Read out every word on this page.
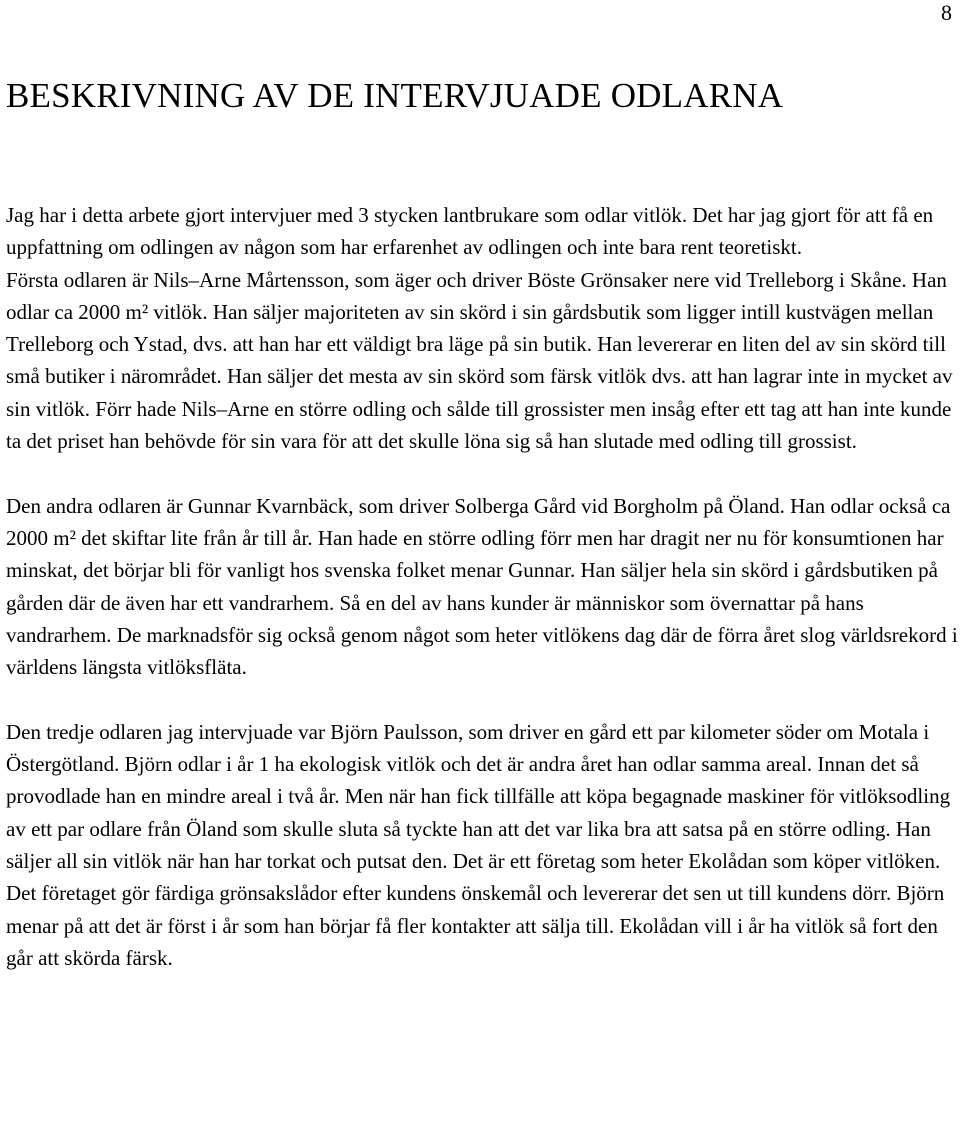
8
BESKRIVNING AV DE INTERVJUADE ODLARNA

Jag har i detta arbete gjort intervjuer med 3 stycken lantbrukare som odlar vitlök. Det har jag gjort för att få en uppfattning om odlingen av någon som har erfarenhet av odlingen och inte bara rent teoretiskt.
Första odlaren är Nils–Arne Mårtensson, som äger och driver Böste Grönsaker nere vid Trelleborg i Skåne. Han odlar ca 2000 m² vitlök. Han säljer majoriteten av sin skörd i sin gårdsbutik som ligger intill kustvägen mellan Trelleborg och Ystad, dvs. att han har ett väldigt bra läge på sin butik. Han levererar en liten del av sin skörd till små butiker i närområdet. Han säljer det mesta av sin skörd som färsk vitlök dvs. att han lagrar inte in mycket av sin vitlök. Förr hade Nils–Arne en större odling och sålde till grossister men insåg efter ett tag att han inte kunde ta det priset han behövde för sin vara för att det skulle löna sig så han slutade med odling till grossist.

Den andra odlaren är Gunnar Kvarnbäck, som driver Solberga Gård vid Borgholm på Öland. Han odlar också ca 2000 m² det skiftar lite från år till år. Han hade en större odling förr men har dragit ner nu för konsumtionen har minskat, det börjar bli för vanligt hos svenska folket menar Gunnar. Han säljer hela sin skörd i gårdsbutiken på gården där de även har ett vandrarhem. Så en del av hans kunder är människor som övernattar på hans vandrarhem. De marknadsför sig också genom något som heter vitlökens dag där de förra året slog världsrekord i världens längsta vitlöksfläta.

Den tredje odlaren jag intervjuade var Björn Paulsson, som driver en gård ett par kilometer söder om Motala i Östergötland. Björn odlar i år 1 ha ekologisk vitlök och det är andra året han odlar samma areal. Innan det så provodlade han en mindre areal i två år. Men när han fick tillfälle att köpa begagnade maskiner för vitlöksodling av ett par odlare från Öland som skulle sluta så tyckte han att det var lika bra att satsa på en större odling. Han säljer all sin vitlök när han har torkat och putsat den. Det är ett företag som heter Ekolådan som köper vitlöken. Det företaget gör färdiga grönsakslådor efter kundens önskemål och levererar det sen ut till kundens dörr. Björn menar på att det är först i år som han börjar få fler kontakter att sälja till. Ekolådan vill i år ha vitlök så fort den går att skörda färsk.
